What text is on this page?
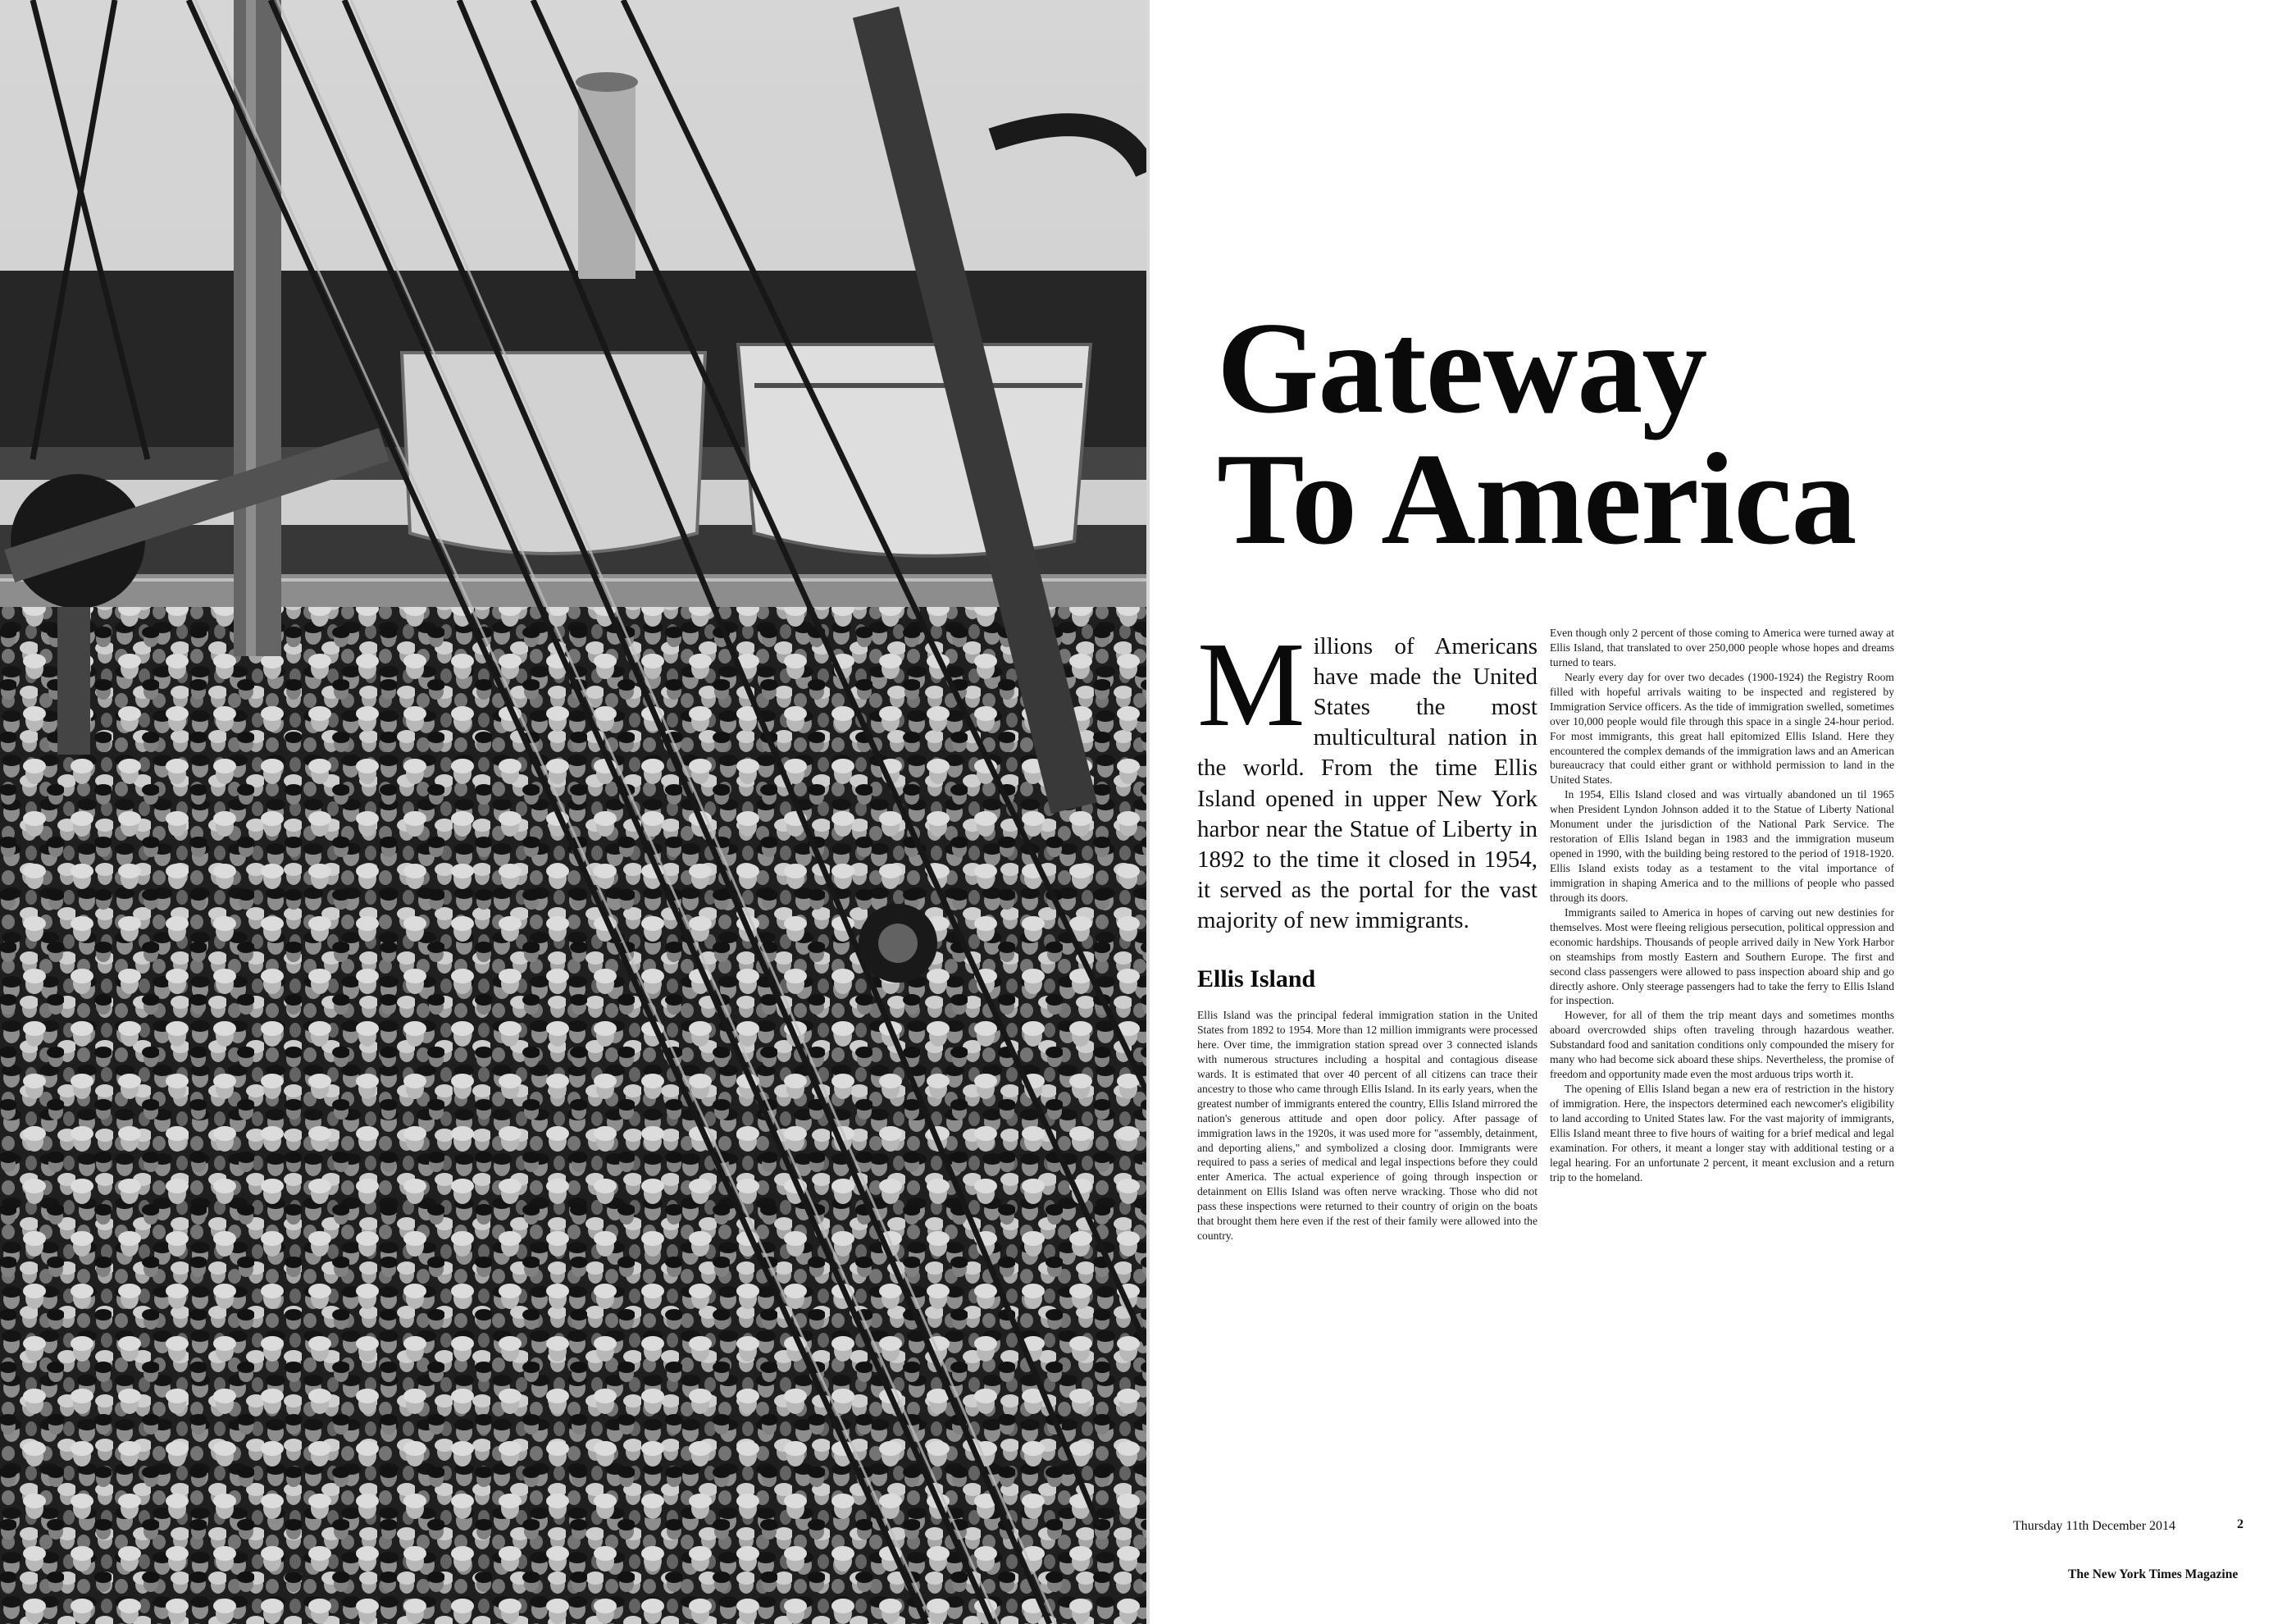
Gateway
To America

Millions of Americans have made the United States the most multicultural nation in the world. From the time Ellis Island opened in upper New York harbor near the Statue of Liberty in 1892 to the time it closed in 1954, it served as the portal for the vast majority of new immigrants.

Ellis Island

Ellis Island was the principal federal immigration station in the United States from 1892 to 1954. More than 12 million immigrants were processed here. Over time, the immigration station spread over 3 connected islands with numerous structures including a hospital and contagious disease wards. It is estimated that over 40 percent of all citizens can trace their ancestry to those who came through Ellis Island. In its early years, when the greatest number of immigrants entered the country, Ellis Island mirrored the nation's generous attitude and open door policy. After passage of immigration laws in the 1920s, it was used more for "assembly, detainment, and deporting aliens," and symbolized a closing door. Immigrants were required to pass a series of medical and legal inspections before they could enter America. The actual experience of going through inspection or detainment on Ellis Island was often nerve wracking. Those who did not pass these inspections were returned to their country of origin on the boats that brought them here even if the rest of their family were allowed into the country.

Even though only 2 percent of those coming to America were turned away at Ellis Island, that translated to over 250,000 people whose hopes and dreams turned to tears.

Nearly every day for over two decades (1900-1924) the Registry Room filled with hopeful arrivals waiting to be inspected and registered by Immigration Service officers. As the tide of immigration swelled, sometimes over 10,000 people would file through this space in a single 24-hour period. For most immigrants, this great hall epitomized Ellis Island. Here they encountered the complex demands of the immigration laws and an American bureaucracy that could either grant or withhold permission to land in the United States.

In 1954, Ellis Island closed and was virtually abandoned un til 1965 when President Lyndon Johnson added it to the Statue of Liberty National Monument under the jurisdiction of the National Park Service. The restoration of Ellis Island began in 1983 and the immigration museum opened in 1990, with the building being restored to the period of 1918-1920. Ellis Island exists today as a testament to the vital importance of immigration in shaping America and to the millions of people who passed through its doors.

Immigrants sailed to America in hopes of carving out new destinies for themselves. Most were fleeing religious persecution, political oppression and economic hardships. Thousands of people arrived daily in New York Harbor on steamships from mostly Eastern and Southern Europe. The first and second class passengers were allowed to pass inspection aboard ship and go directly ashore. Only steerage passengers had to take the ferry to Ellis Island for inspection.

However, for all of them the trip meant days and sometimes months aboard overcrowded ships often traveling through hazardous weather. Substandard food and sanitation conditions only compounded the misery for many who had become sick aboard these ships. Nevertheless, the promise of freedom and opportunity made even the most arduous trips worth it.

The opening of Ellis Island began a new era of restriction in the history of immigration. Here, the inspectors determined each newcomer's eligibility to land according to United States law. For the vast majority of immigrants, Ellis Island meant three to five hours of waiting for a brief medical and legal examination. For others, it meant a longer stay with additional testing or a legal hearing. For an unfortunate 2 percent, it meant exclusion and a return trip to the homeland.

Thursday 11th December 2014	2
The New York Times Magazine
